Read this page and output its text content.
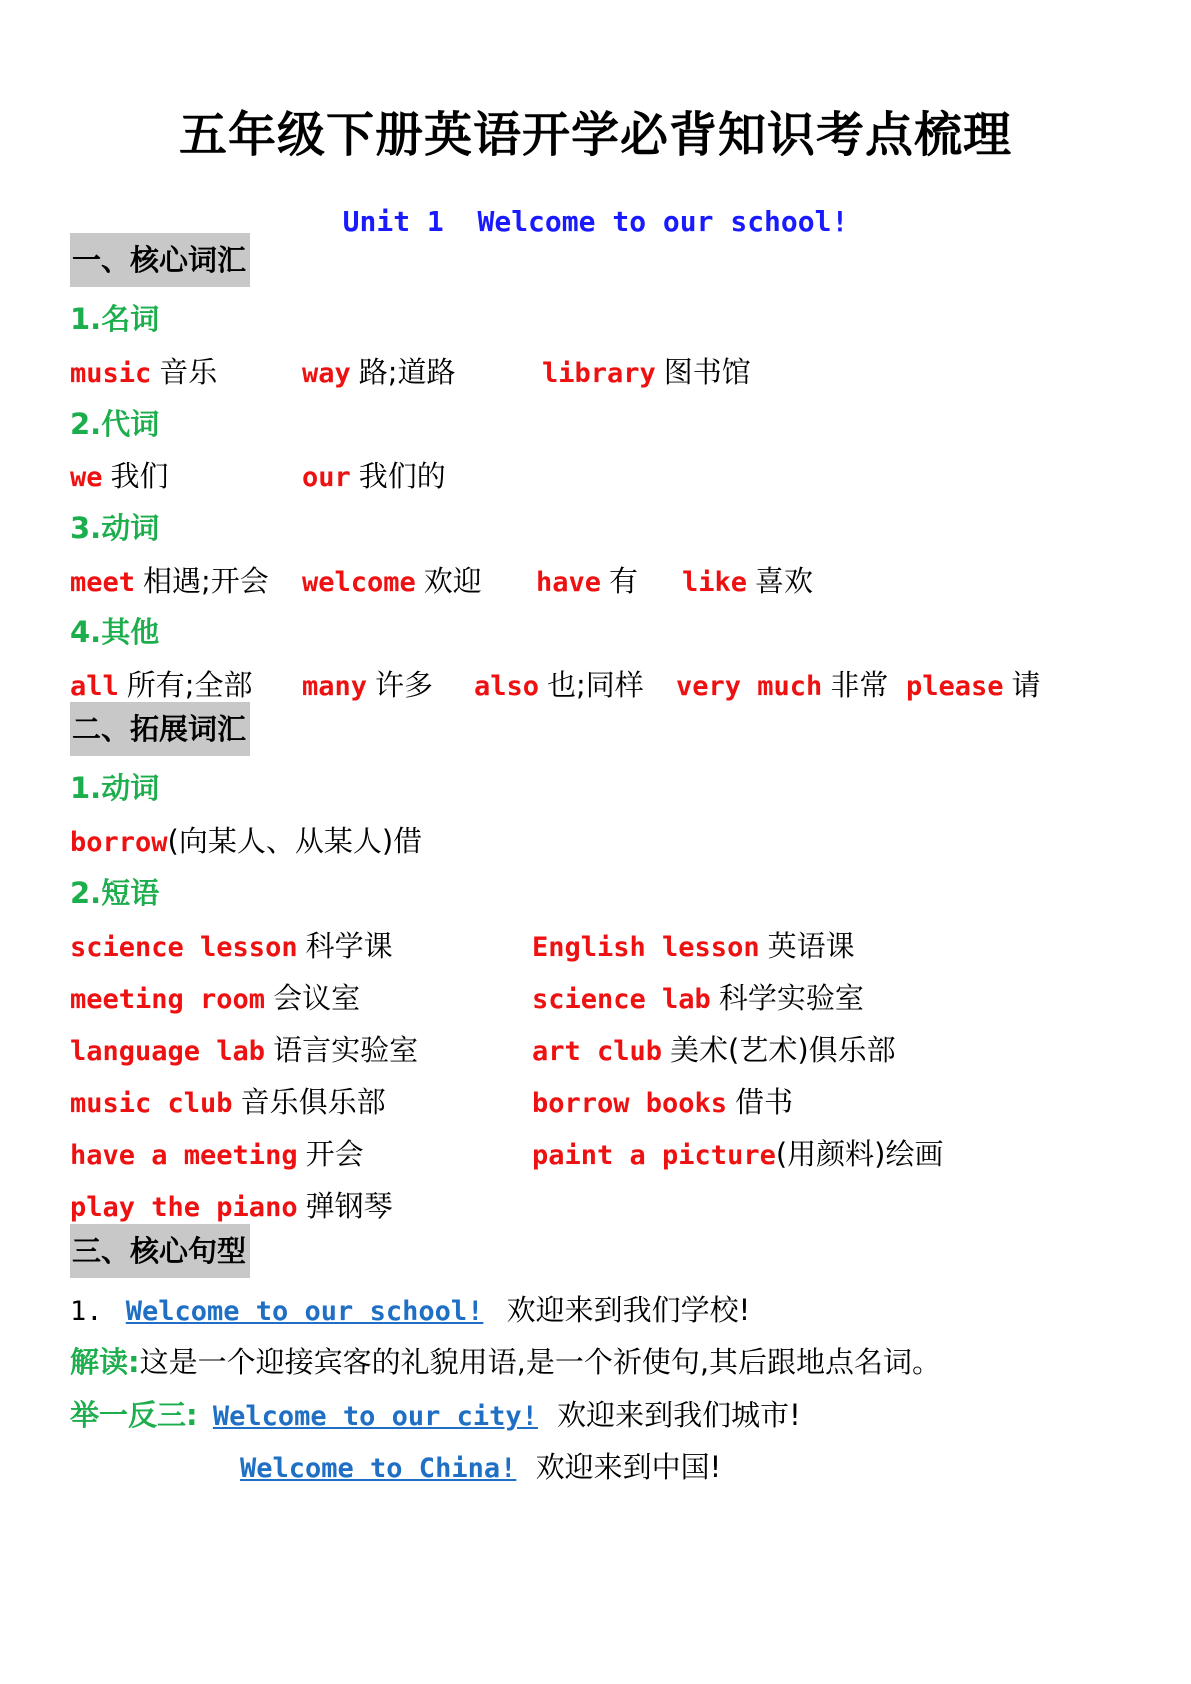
五年级下册英语开学必背知识考点梳理
Unit 1  Welcome to our school!
一、核心词汇
1.名词
music 音乐	way 路;道路	library 图书馆
2.代词
we 我们	our 我们的
3.动词
meet 相遇;开会 welcome 欢迎 have 有 like 喜欢
4.其他
all 所有;全部 many 许多 also 也;同样 very much 非常 please 请
二、拓展词汇
1.动词
borrow(向某人、从某人)借
2.短语
science lesson 科学课	English lesson 英语课
meeting room 会议室	science lab 科学实验室
language lab 语言实验室	art club 美术(艺术)俱乐部
music club 音乐俱乐部	borrow books 借书
have a meeting 开会	paint a picture(用颜料)绘画
play the piano 弹钢琴
三、核心句型
1. Welcome to our school! 欢迎来到我们学校!
解读:这是一个迎接宾客的礼貌用语,是一个祈使句,其后跟地点名词。
举一反三: Welcome to our city! 欢迎来到我们城市!
Welcome to China! 欢迎来到中国!
